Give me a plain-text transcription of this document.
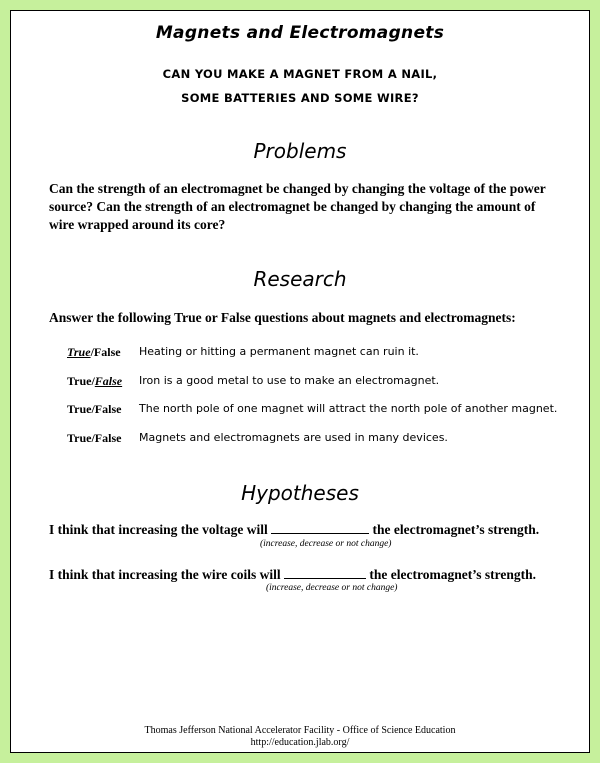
Magnets and Electromagnets
CAN YOU MAKE A MAGNET FROM A NAIL,
SOME BATTERIES AND SOME WIRE?
Problems
Can the strength of an electromagnet be changed by changing the voltage of the power source? Can the strength of an electromagnet be changed by changing the amount of wire wrapped around its core?
Research
Answer the following True or False questions about magnets and electromagnets:
True/False Heating or hitting a permanent magnet can ruin it.
True/False Iron is a good metal to use to make an electromagnet.
True/False The north pole of one magnet will attract the north pole of another magnet.
True/False Magnets and electromagnets are used in many devices.
Hypotheses
I think that increasing the voltage will	the electromagnet’s strength.
(increase, decrease or not change)
I think that increasing the wire coils will	the electromagnet’s strength.
(increase, decrease or not change)
Thomas Jefferson National Accelerator Facility - Office of Science Education
http://education.jlab.org/
